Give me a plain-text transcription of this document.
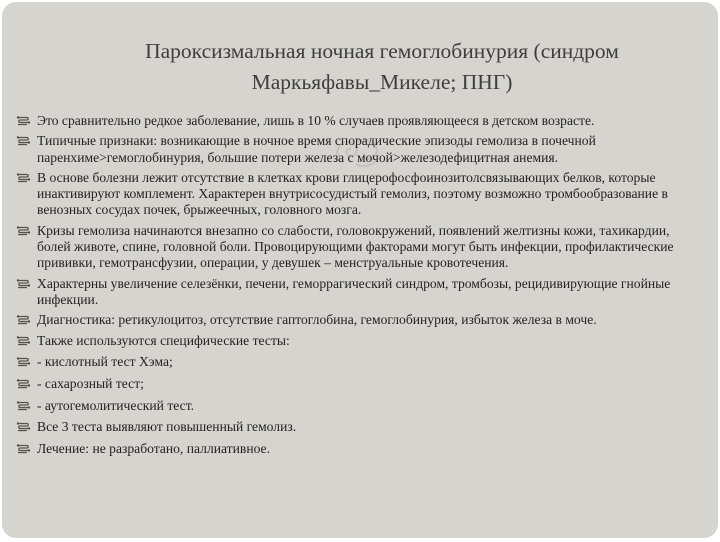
Пароксизмальная ночная гемоглобинурия (синдром
Маркьяфавы_Микеле; ПНГ)
Это сравнительно редкое заболевание, лишь в 10 % случаев проявляющееся в детском возрасте.
Типичные признаки: возникающие в ночное время спорадические эпизоды гемолиза в почечной паренхиме>гемоглобинурия, большие потери железа с мочой>железодефицитная анемия.
В основе болезни лежит отсутствие в клетках крови глицерофосфоинозитолсвязывающих белков, которые инактивируют комплемент. Характерен внутрисосудистый гемолиз, поэтому возможно тромбообразование в венозных сосудах почек, брыжеечных, головного мозга.
Кризы гемолиза начинаются внезапно со слабости, головокружений, появлений желтизны кожи, тахикардии, болей животе, спине, головной боли. Провоцирующими факторами могут быть инфекции, профилактические прививки, гемотрансфузии, операции, у девушек – менструальные кровотечения.
Характерны увеличение селезёнки, печени, геморрагический синдром, тромбозы, рецидивирующие гнойные инфекции.
Диагностика: ретикулоцитоз, отсутствие гаптоглобина, гемоглобинурия, избыток железа в моче.
Также используются специфические тесты:
- кислотный тест Хэма;
- сахарозный тест;
- аутогемолитический тест.
Все 3 теста выявляют повышенный гемолиз.
Лечение: не разработано, паллиативное.
